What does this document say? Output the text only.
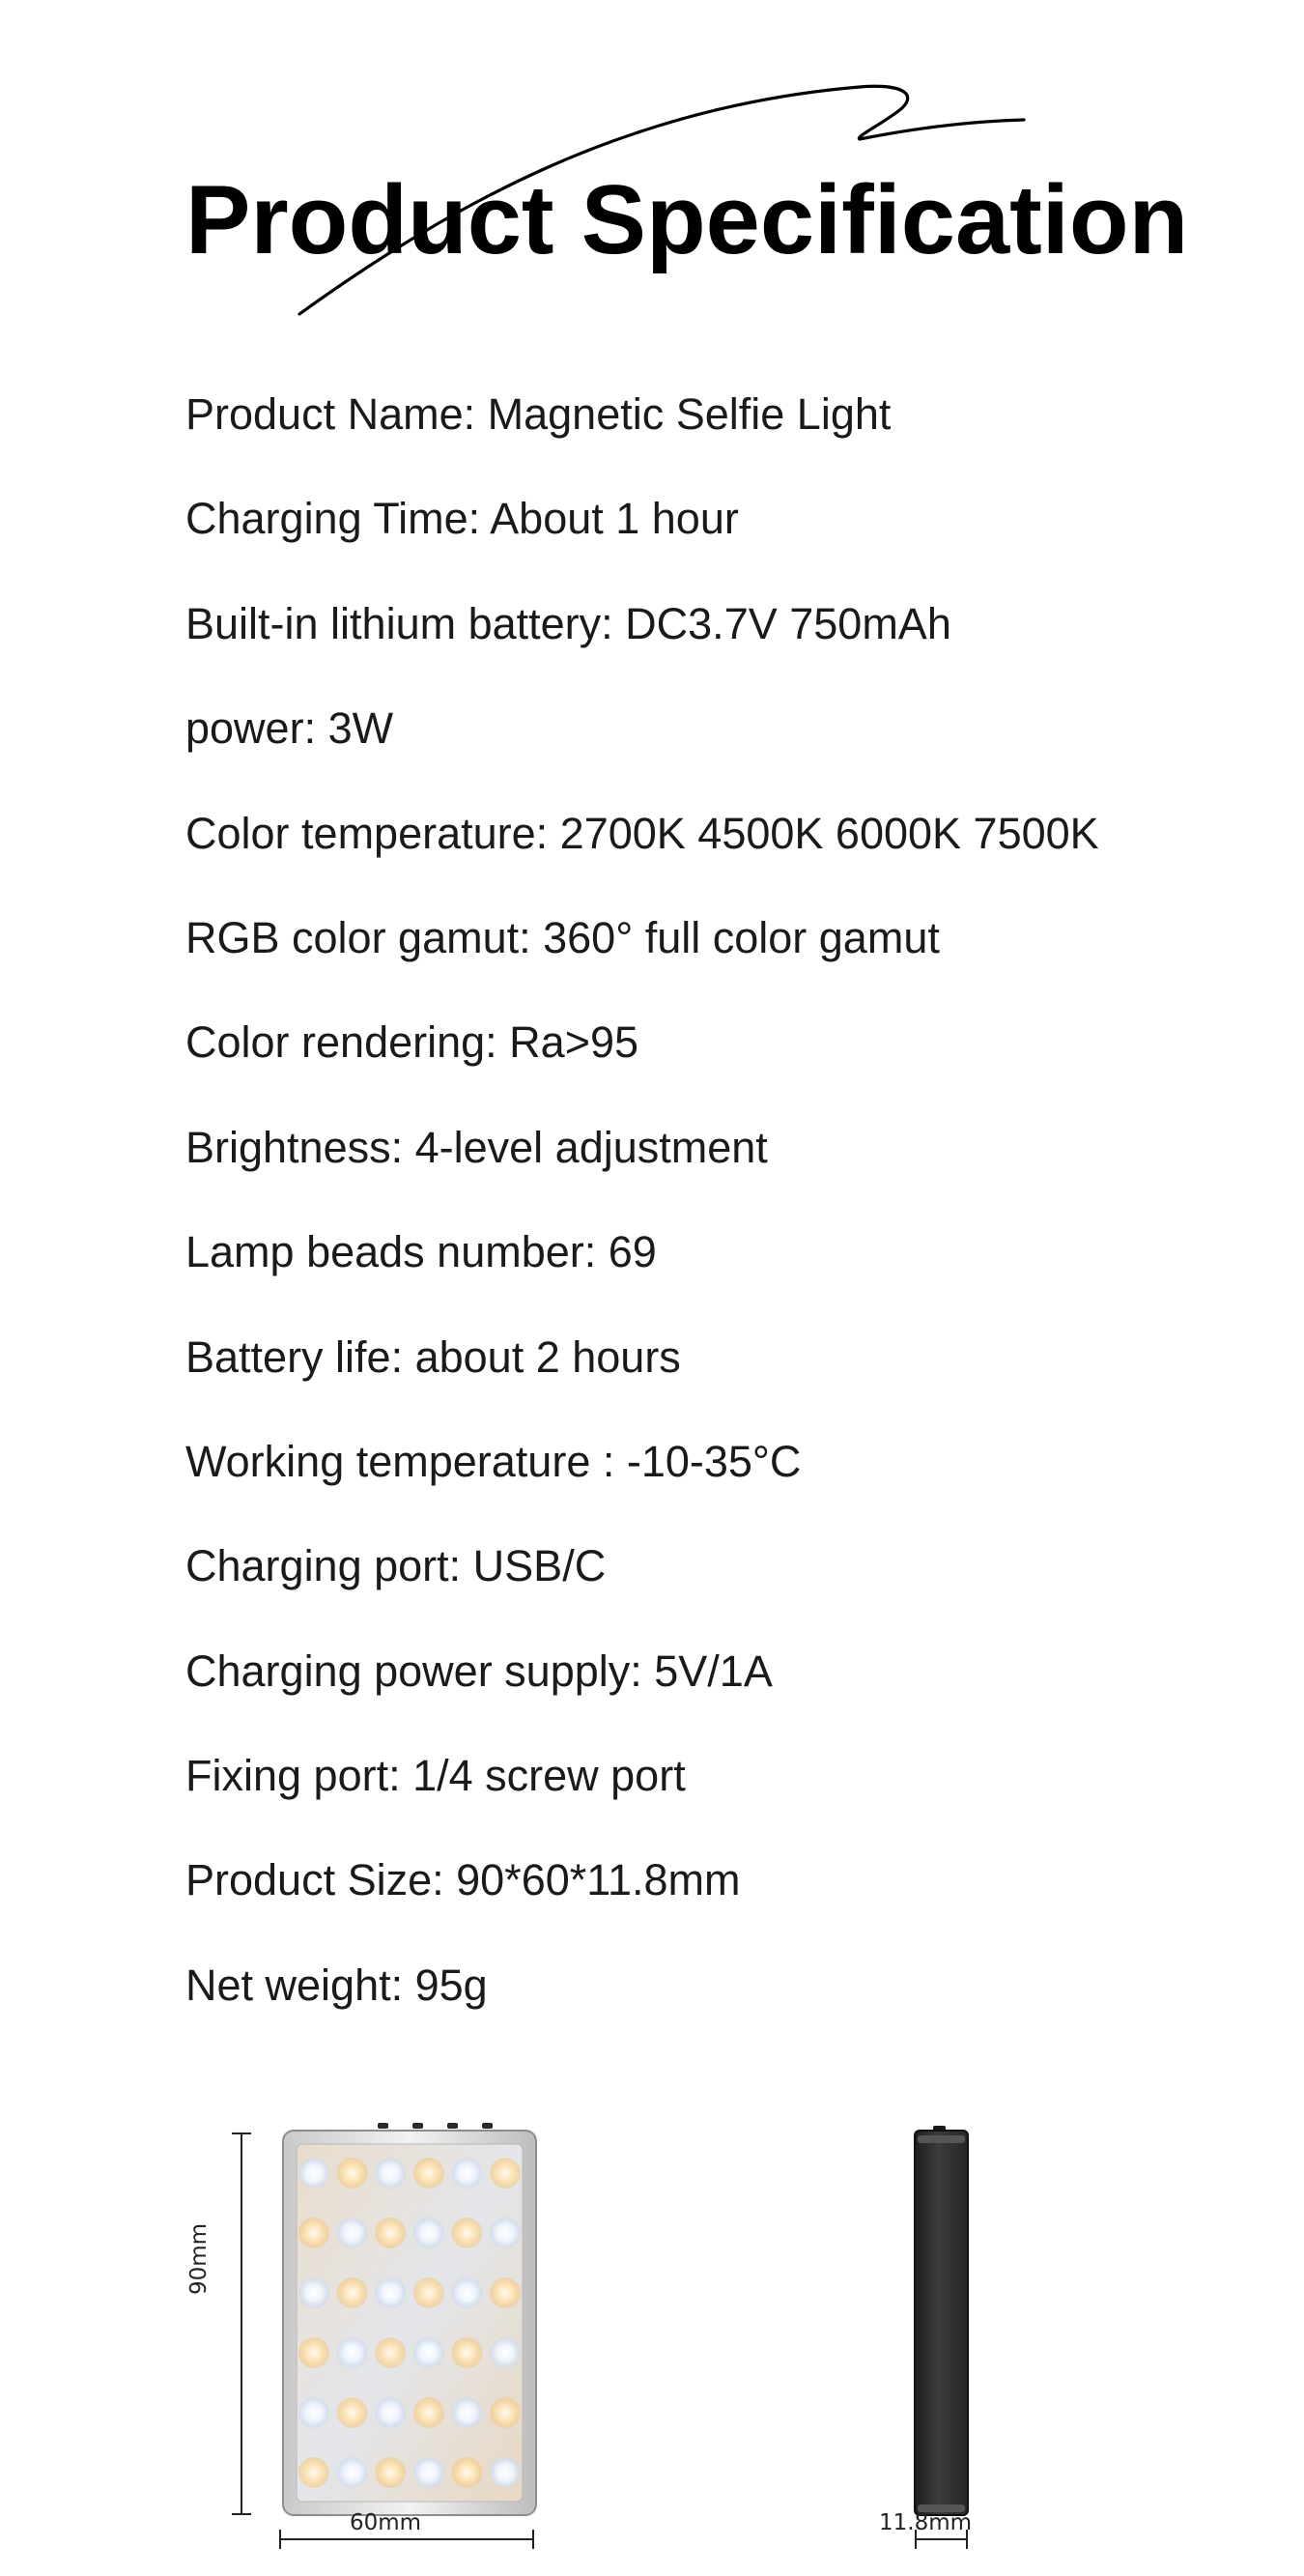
Product Specification
Product Name: Magnetic Selfie Light
Charging Time: About 1 hour
Built-in lithium battery: DC3.7V 750mAh
power: 3W
Color temperature: 2700K 4500K 6000K 7500K
RGB color gamut: 360° full color gamut
Color rendering: Ra>95
Brightness: 4-level adjustment
Lamp beads number: 69
Battery life: about 2 hours
Working temperature : -10-35°C
Charging port: USB/C
Charging power supply: 5V/1A
Fixing port: 1/4 screw port
Product Size: 90*60*11.8mm
Net weight: 95g
90mm
60mm	11.8mm
